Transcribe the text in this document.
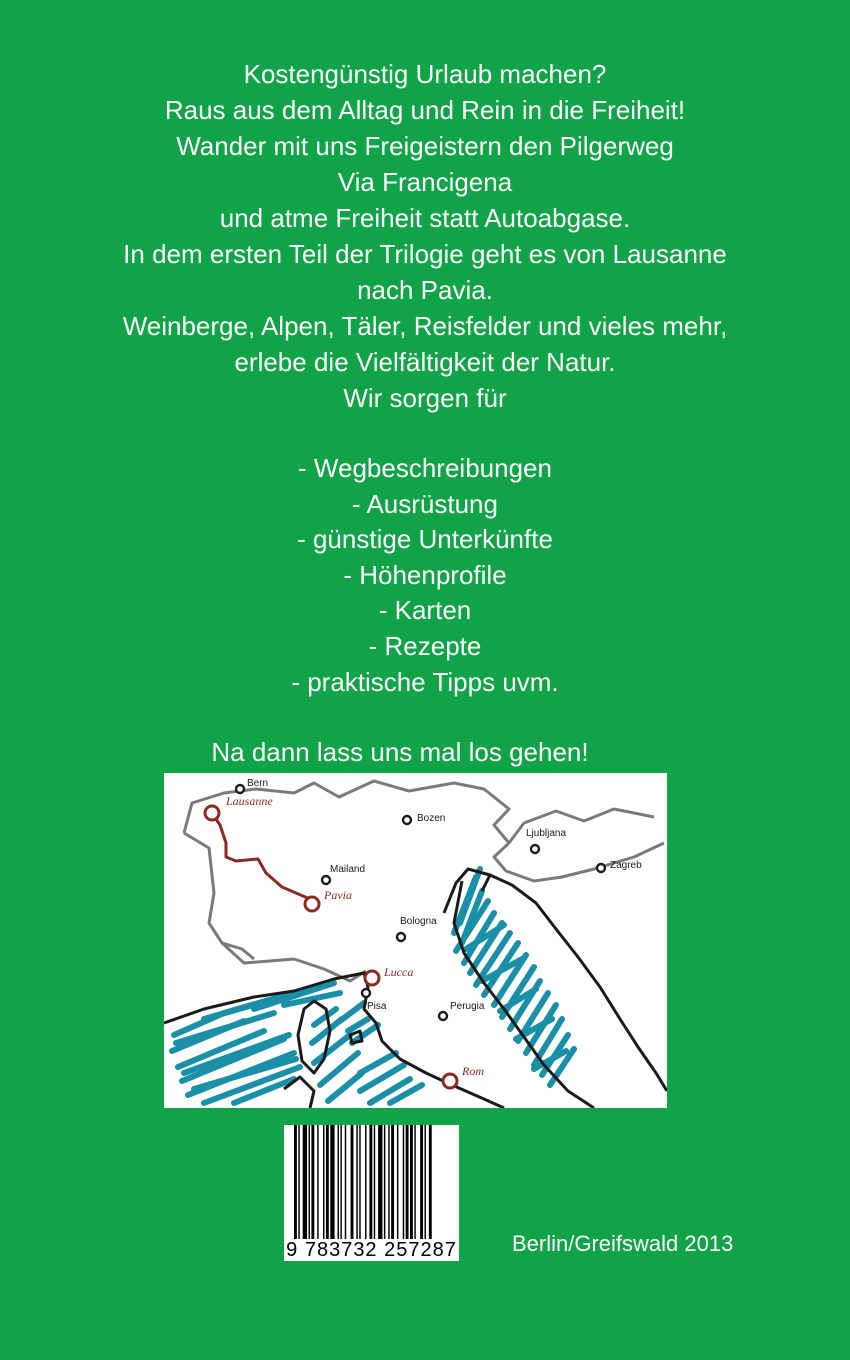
Kostengünstig Urlaub machen?
Raus aus dem Alltag und Rein in die Freiheit!
Wander mit uns Freigeistern den Pilgerweg
Via Francigena
und atme Freiheit statt Autoabgase.
In dem ersten Teil der Trilogie geht es von Lausanne
nach Pavia.
Weinberge, Alpen, Täler, Reisfelder und vieles mehr,
erlebe die Vielfältigkeit der Natur.
Wir sorgen für
- Wegbeschreibungen
- Ausrüstung
- günstige Unterkünfte
- Höhenprofile
- Karten
- Rezepte
- praktische Tipps uvm.
Na dann lass uns mal los gehen!
Bern
Bozen
Ljubljana
Mailand	Zagreb
Bologna
Pisa	Perugia
Lausanne
Pavia
Lucca
Rom
9 783732 257287	Berlin/Greifswald 2013
